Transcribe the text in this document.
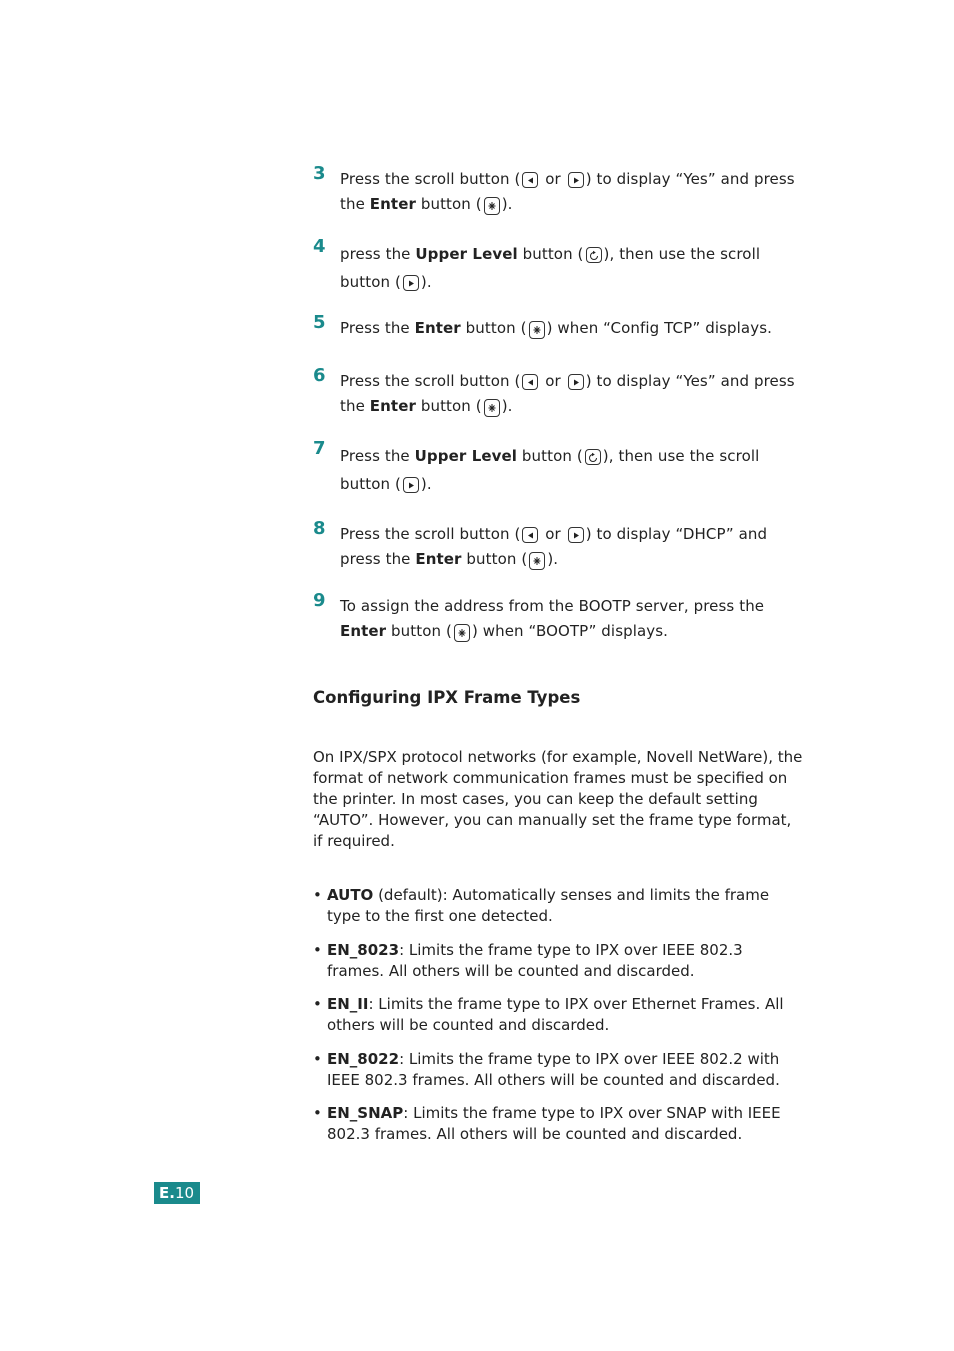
3 Press the scroll button (
or
) to display “Yes” and press the Enter button ( ).
4 press the Upper Level button ( ), then use the scroll button ( ).
5 Press the Enter button ( ) when “Config TCP” displays.
6 Press the scroll button (
or
) to display “Yes” and press the Enter button ( ).
7 Press the Upper Level button ( ), then use the scroll button ( ).
8 Press the scroll button (
or
) to display “DHCP” and press the Enter button ( ).
9 To assign the address from the BOOTP server, press the Enter button ( ) when “BOOTP” displays.
Configuring IPX Frame Types

On IPX/SPX protocol networks (for example, Novell NetWare), the format of network communication frames must be specified on the printer. In most cases, you can keep the default setting “AUTO”. However, you can manually set the frame type format, if required.

• AUTO (default): Automatically senses and limits the frame type to the first one detected.
• EN_8023: Limits the frame type to IPX over IEEE 802.3 frames. All others will be counted and discarded.
• EN_II: Limits the frame type to IPX over Ethernet Frames. All others will be counted and discarded.
• EN_8022: Limits the frame type to IPX over IEEE 802.2 with IEEE 802.3 frames. All others will be counted and discarded.
• EN_SNAP: Limits the frame type to IPX over SNAP with IEEE 802.3 frames. All others will be counted and discarded.
E.10
